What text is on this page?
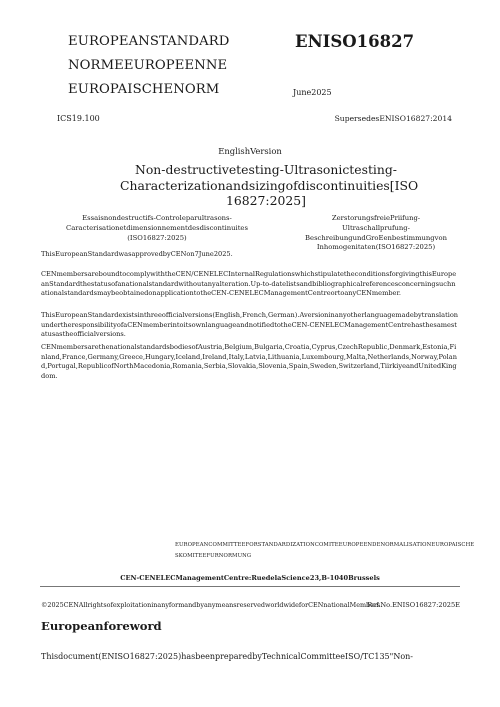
EUROPEANSTANDARD
NORMEEUROPEENNE
EUROPAISCHENORM
ENISO16827
June2025
ICS19.100	SupersedesENISO16827:2014
EnglishVersion
Non-destructivetesting-Ultrasonictesting-
Characterizationandsizingofdiscontinuities[ISO
16827:2025]
Essaisnondestructifs-Controleparultrasons-
Caracterisationetdimensionnementdesdiscontinuites
(ISO16827:2025)
ZerstorungsfreiePriifung-Ultraschallprufung-
BeschreibungundGroEenbestimmungvon
Inhomogenitaten(ISO16827:2025)

ThisEuropeanStandardwasapprovedbyCENon7June2025.

CENmembersareboundtocomplywiththeCEN/CENELECInternalRegulationswhichstipulatetheconditionsforgivingthisEuropeanStandardthestatusofanationalstandardwithoutanyalteration.Up-to-datelistsandbibliographicalreferencesconcerningsuchnationalstandardsmaybeobtainedonapplicationtotheCEN-CENELECManagementCentreortoanyCENmember.

ThisEuropeanStandardexistsinthreeofficialversions(English,French,German).AversioninanyotherlanguagemadebytranslationundertheresponsibilityofaCENmemberintoitsownlanguageandnotifiedtotheCEN-CENELECManagementCentrehasthesamestatusastheofficialversions.

CENmembersarethenationalstandardsbodiesofAustria,Belgium,Bulgaria,Croatia,Cyprus,CzechRepublic,Denmark,Estonia,Finland,France,Germany,Greece,Hungary,Iceland,Ireland,Italy,Latvia,Lithuania,Luxembourg,Malta,Netherlands,Norway,Poland,Portugal,RepublicofNorthMacedonia,Romania,Serbia,Slovakia,Slovenia,Spain,Sweden,Switzerland,TiirkiyeandUnitedKingdom.

EUROPEANCOMMITTEEFORSTANDARDIZATIONCOMITEEUROPEENDENORMALISATIONEUROPAISCHESKOMITEEFURNORMUNG
CEN-CENELECManagementCentre:RuedelaScience23,B-1040Brussels
©2025CENAllrightsofexploitationinanyformandbyanymeansreservedworldwideforCENnationalMembers.
Ref.No.ENISO16827:2025E
Europeanforeword
Thisdocument(ENISO16827:2025)hasbeenpreparedbyTechnicalCommitteeISO/TC135"Non-
